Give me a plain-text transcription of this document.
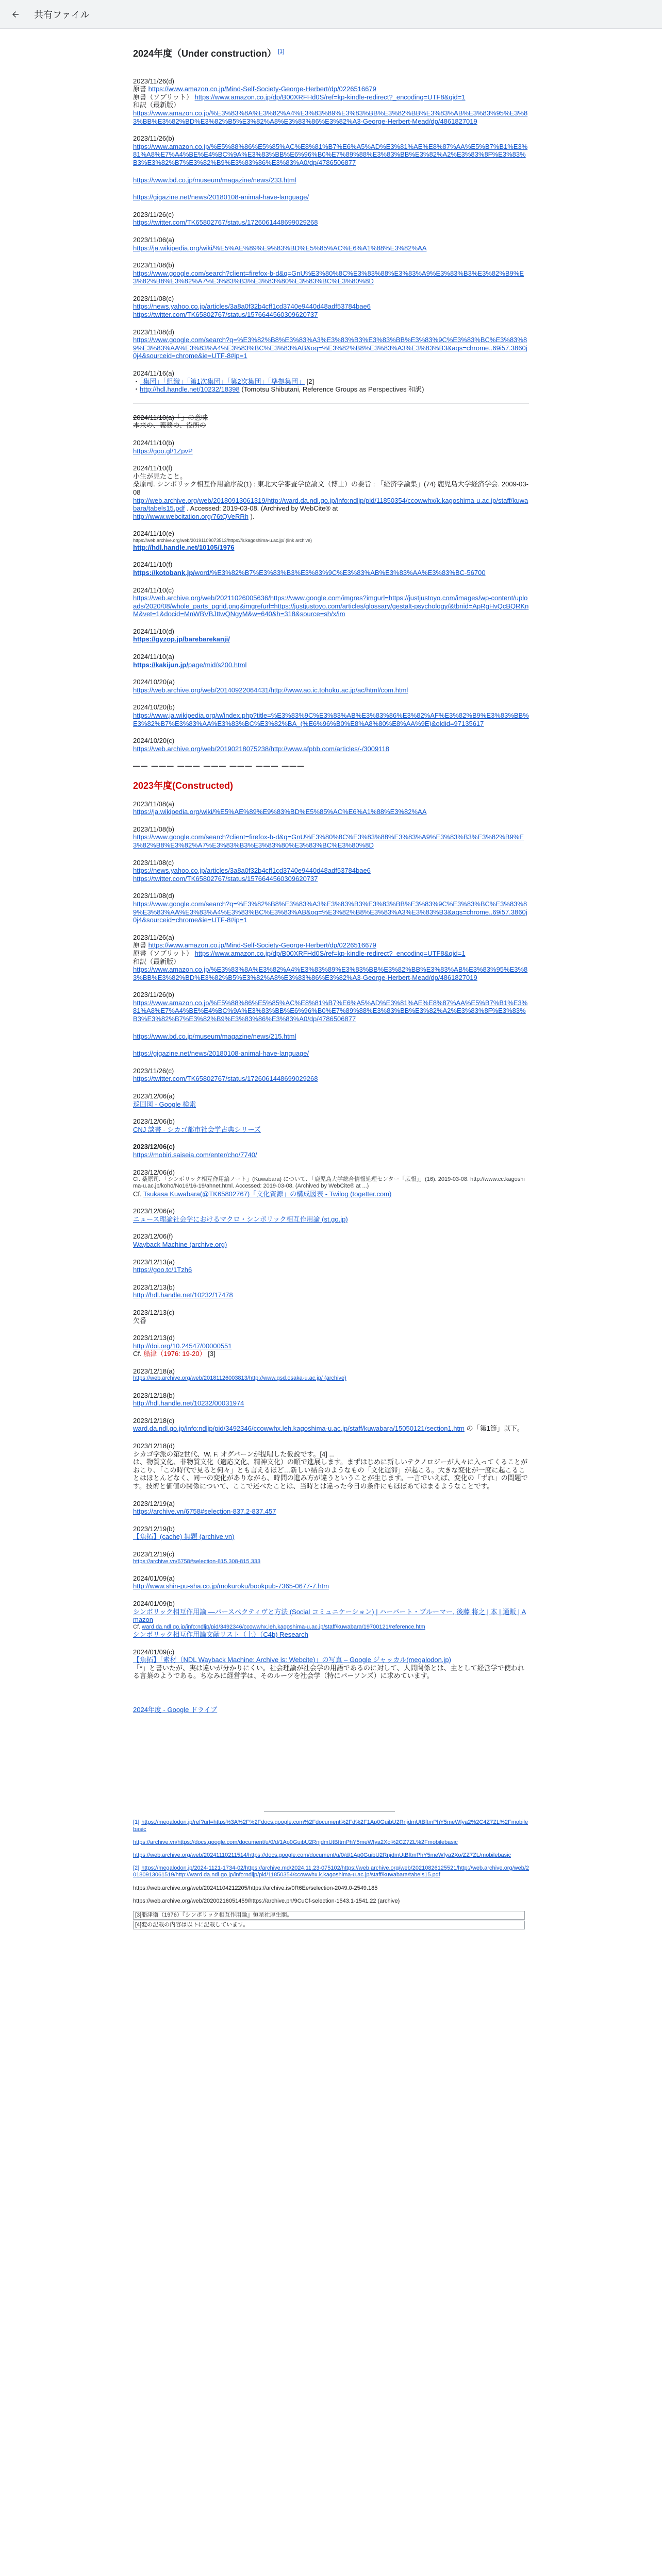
共有ファイル
2024年度（Under construction） [1]
2023/11/26(d)
原書 https://www.amazon.co.jp/Mind-Self-Society-George-Herbert/dp/0226516679
原書（ソブリット） https://www.amazon.co.jp/dp/B00XRFHd0S/ref=kp-kindle-redirect?_encoding=UTF8&qid=1
和訳（最新版）
https://www.amazon.co.jp/%E3%83%8A%E3%82%A4%E3%83%89%E3%83%BB%E3%82%BB%E3%83%AB%E3%83%95%E3%83%BB%E3%82%BD%E3%82%B5%E3%82%A8%E3%83%86%E3%82%A3-George-Herbert-Mead/dp/4861827019
2023/11/26(b)
https://www.amazon.co.jp/%E5%88%86%E5%85%AC%E8%81%B7%E6%A5%AD%E3%81%AE%E8%87%AA%E5%B7%B1%E3%81%A8%E7%A4%BE%E4%BC%9A%E3%83%BB%E6%96%B0%E7%89%88%E3%83%BB%E3%82%A2%E3%83%8F%E3%83%B3%E3%82%B7%E3%82%B9%E3%83%86%E3%83%A0/dp/4786506877
https://www.bd.co.jp/museum/magazine/news/233.html
https://gigazine.net/news/20180108-animal-have-language/
2023/11/26(c)
https://twitter.com/TK65802767/status/1726061448699029268
2023/11/06(a)
https://ja.wikipedia.org/wiki/%E5%AE%89%E9%83%BD%E5%85%AC%E6%A1%88%E3%82%AA
2023/11/08(b)
https://www.google.com/search?client=firefox-b-d&q=GnU%E3%80%8C%E3%83%88%E3%83%A9%E3%83%B3%E3%82%B9%E3%82%B8%E3%82%A7%E3%83%B3%E3%83%80%E3%83%BC%E3%80%8D
2023/11/08(c)
https://news.yahoo.co.jp/articles/3a8a0f32b4cff1cd3740e9440d48adf53784bae6
https://twitter.com/TK65802767/status/1576644560309620737
2023/11/08(d)
https://www.google.com/search?q=%E3%82%B8%E3%83%A3%E3%83%B3%E3%83%BB%E3%83%9C%E3%83%BC%E3%83%89%E3%83%AA%E3%83%A4%E3%83%BC%E3%83%AB&oq=%E3%82%B8%E3%83%A3%E3%83%B3&aqs=chrome..69i57.3860j0j4&sourceid=chrome&ie=UTF-8#ip=1
2024/11/16(a)
・「集団」「組織」「第1次集団」「第2次集団」「準拠集団」 [2]
・http://hdl.handle.net/10232/18398 (Tomotsu Shibutani, Reference Groups as Perspectives 和訳)
2024/11/10(a)「」の意味
本来の、義務の、役所の
2024/11/10(b)
https://goo.gl/1ZpvP
2024/11/10(f)
小生が見たこと。
桑原司. シンボリック相互作用論序説(1) : 東北大学審査学位論文（博士）の要旨 : 「経済学論集」(74) 鹿児島大学経済学会. 2009-03-08
http://web.archive.org/web/20180913061319/http://ward.da.ndl.go.jp/info:ndljp/pid/11850354/ccowwhx/k.kagoshima-u.ac.jp/staff/kuwabara/tabels15.pdf . Accessed: 2019-03-08. (Archived by WebCite® at
http://www.webcitation.org/76tQVeRRh ).
2024/11/10(e)
https://web.archive.org/web/20191109073513/https://ir.kagoshima-u.ac.jp/ (link archive)
http://hdl.handle.net/10105/1976
2024/11/10(f)
https://kotobank.jp/word/%E3%82%B7%E3%83%B3%E3%83%9C%E3%83%AB%E3%83%AA%E3%83%BC-56700
2024/11/10(c)
https://web.archive.org/web/20211026005636/https://www.google.com/imgres?imgurl=https://justjustoyo.com/images/wp-content/uploads/2020/08/whole_parts_pgrid.png&imgrefurl=https://justjustoyo.com/articles/glossary/gestalt-psychology/&tbnid=ApRgHvQcBQRKnM&vet=1&docid=MnWBVBJttwQNgyM&w=640&h=318&source=sh/x/im
2024/11/10(d)
https://gyzop.jp/barebarekanji/
2024/11/10(a)
https://kakijun.jp/page/mid/s200.html
2024/10/20(a)
https://web.archive.org/web/20140922064431/http://www.ao.ic.tohoku.ac.jp/ac/html/com.html
2024/10/20(b)
https://www.ja.wikipedia.org/w/index.php?title=%E3%83%9C%E3%83%AB%E3%83%86%E3%82%AF%E3%82%B9%E3%83%BB%E3%82%B7%E3%83%AA%E3%83%BC%E3%82%BA_(%E6%96%B0%E8%A8%80%E8%AA%9E)&oldid=97135617
2024/10/20(c)
https://web.archive.org/web/20190218075238/http://www.afpbb.com/articles/-/3009118
—— ——— ——— ——— ——— ——— ———
2023年度(Constructed)
2023/11/08(a)
https://ja.wikipedia.org/wiki/%E5%AE%89%E9%83%BD%E5%85%AC%E6%A1%88%E3%82%AA
2023/11/08(b)
https://www.google.com/search?client=firefox-b-d&q=GnU%E3%80%8C%E3%83%88%E3%83%A9%E3%83%B3%E3%82%B9%E3%82%B8%E3%82%A7%E3%83%B3%E3%83%80%E3%83%BC%E3%80%8D
2023/11/08(c)
https://news.yahoo.co.jp/articles/3a8a0f32b4cff1cd3740e9440d48adf53784bae6
https://twitter.com/TK65802767/status/1576644560309620737
2023/11/08(d)
https://www.google.com/search?q=%E3%82%B8%E3%83%A3%E3%83%B3%E3%83%BB%E3%83%9C%E3%83%BC%E3%83%89%E3%83%AA%E3%83%A4%E3%83%BC%E3%83%AB&oq=%E3%82%B8%E3%83%A3%E3%83%B3&aqs=chrome..69i57.3860j0j4&sourceid=chrome&ie=UTF-8#ip=1
2023/11/26(a)
原書 https://www.amazon.co.jp/Mind-Self-Society-George-Herbert/dp/0226516679
原書（ソブリット） https://www.amazon.co.jp/dp/B00XRFHd0S/ref=kp-kindle-redirect?_encoding=UTF8&qid=1
和訳（最新版）
https://www.amazon.co.jp/%E3%83%8A%E3%82%A4%E3%83%89%E3%83%BB%E3%82%BB%E3%83%AB%E3%83%95%E3%83%BB%E3%82%BD%E3%82%B5%E3%82%A8%E3%83%86%E3%82%A3-George-Herbert-Mead/dp/4861827019
2023/11/26(b)
https://www.amazon.co.jp/%E5%88%86%E5%85%AC%E8%81%B7%E6%A5%AD%E3%81%AE%E8%87%AA%E5%B7%B1%E3%81%A8%E7%A4%BE%E4%BC%9A%E3%83%BB%E6%96%B0%E7%89%88%E3%83%BB%E3%82%A2%E3%83%8F%E3%83%B3%E3%82%B7%E3%82%B9%E3%83%86%E3%83%A0/dp/4786506877
https://www.bd.co.jp/museum/magazine/news/215.html
https://gigazine.net/news/20180108-animal-have-language/
2023/11/26(c)
https://twitter.com/TK65802767/status/1726061448699029268
2023/12/06(a)
巡回図 - Google 検索
2023/12/06(b)
CNJ 談書 - シカゴ都市社会学古典シリーズ
2023/12/06(c)
https://mobiri.saiseia.com/enter/cho/7740/
2023/12/06(d)
Cf. 桑原司. 「シンボリック相互作用論ノート」(Kuwabara) について. 「鹿児島大学総合情報処理センター「広報」」(16). 2019-03-08. http://www.cc.kagoshima-u.ac.jp/koho/No16/16-19/ahnet.html. Accessed: 2019-03-08. (Archived by WebCite® at ...)
Cf. Tsukasa Kuwabara(@TK65802767)「文化資源」の構成図表 - Twilog (togetter.com)
2023/12/06(e)
ニュース理論社会学におけるマクロ・シンボリック相互作用論 (st.go.jp)
2023/12/06(f)
Wayback Machine (archive.org)
2023/12/13(a)
https://goo.tc/1Tzh6
2023/12/13(b)
http://hdl.handle.net/10232/17478
2023/12/13(c)
欠番
2023/12/13(d)
http://doi.org/10.24547/00000551
Cf. 船津（1976: 19-20） [3]
2023/12/18(a)
https://web.archive.org/web/20181126003813/http://www.gsd.osaka-u.ac.jp/ (archive)
2023/12/18(b)
http://hdl.handle.net/10232/00031974
2023/12/18(c)
ward.da.ndl.go.jp/info:ndljp/pid/3492346/ccowwhx.leh.kagoshima-u.ac.jp/staff/kuwabara/15050121/section1.htm の「第1節」以下。
2023/12/18(d)
シカゴ学派の第2世代、W. F. オグバーンが提唱した仮説です。[4] ...
は、物質文化、非物質文化（適応文化、精神文化）の順で進展します。まずはじめに新しいテクノロジーが人々に入ってくることがおこり、「この時代で見ると何々」とも言えるほど…新しい結合のようなもの「文化遅滞」が起こる。大きな変化が一度に起こることはほとんどなく、同一の変化がありながら、時間の進み方が違うということが生じます。一言でいえば、変化の「ずれ」の問題です。技術と価値の関係について、ここで述べたことは、当時とは違った今日の条件にもほぼあてはまるようなことです。
2023/12/19(a)
https://archive.vn/6758#selection-837.2-837.457
2023/12/19(b)
【魚拓】(cache) 無題 (archive.vn)
2023/12/19(c)
https://archive.vn/6758#selection-815.308-815.333
2024/01/09(a)
http://www.shin-pu-sha.co.jp/mokuroku/bookpub-7365-0677-7.htm
2024/01/09(b)
シンボリック相互作用論 ―パースペクティヴと方法 (Social コミュニケーション) | ハーバート・ブルーマー, 後藤 将之 | 本 | 通販 | Amazon
Cf. ward.da.ndl.go.jp/info:ndljp/pid/3492346/ccowwhx.leh.kagoshima-u.ac.jp/staff/kuwabara/19700121/reference.htm
シンボリック相互作用論文献リスト（上）（C4b) Research
2024/01/09(c)
【魚拓】「素材（NDL Wayback Machine: Archive is: Webcite)」の写真 – Google ジャッカル(megalodon.jp)
「*」と書いたが、実は違いが分かりにくい。社会理論が社会学の用語であるのに対して、人間関係とは、主として経営学で使われる言葉のようである。ちなみに経営学は、そのルーツを社会学（特にパーソンズ）に求めています。
2024年度 - Google ドライブ
[1] https://megalodon.jp/ref?url=https%3A%2F%2Fdocs.google.com%2Fdocument%2Fd%2F1Ap0GuibU2RnjdmUtBftmPhY5meWfya2%2C4Z7ZL%2Fmobilebasic
https://archive.vn/https://docs.google.com/document/u/0/d/1Ap0GuibU2RnjdmUtBftmPhY5meWfya2Xo%2CZ7ZL%2Fmobilebasic
https://web.archive.org/web/20241110211514/https://docs.google.com/document/u/0/d/1Ap0GuibU2RnjdmUtBftmPhY5meWfya2Xo/ZZ7ZL/mobilebasic
[2] https://megalodon.jp/2024-1121-1734-02/https://archive.md/2024.11.23-075102/https://web.archive.org/web/20210826125521/http://web.archive.org/web/20180913061519/http://ward.da.ndl.go.jp/info:ndljp/pid/11850354/ccowwhx.k.kagoshima-u.ac.jp/staff/kuwabara/tabels15.pdf
https://web.archive.org/web/20241104212205/https://archive.is/0R6Ee/selection-2049.0-2549.185
https://web.archive.org/web/20200216051459/https://archive.ph/9CuCf-selection-1543.1-1541.22 (archive)
[3]船津衛（1976）『シンボリック相互作用論』恒星社厚生閣。
[4]変の記載の内容は以下に記載しています。
